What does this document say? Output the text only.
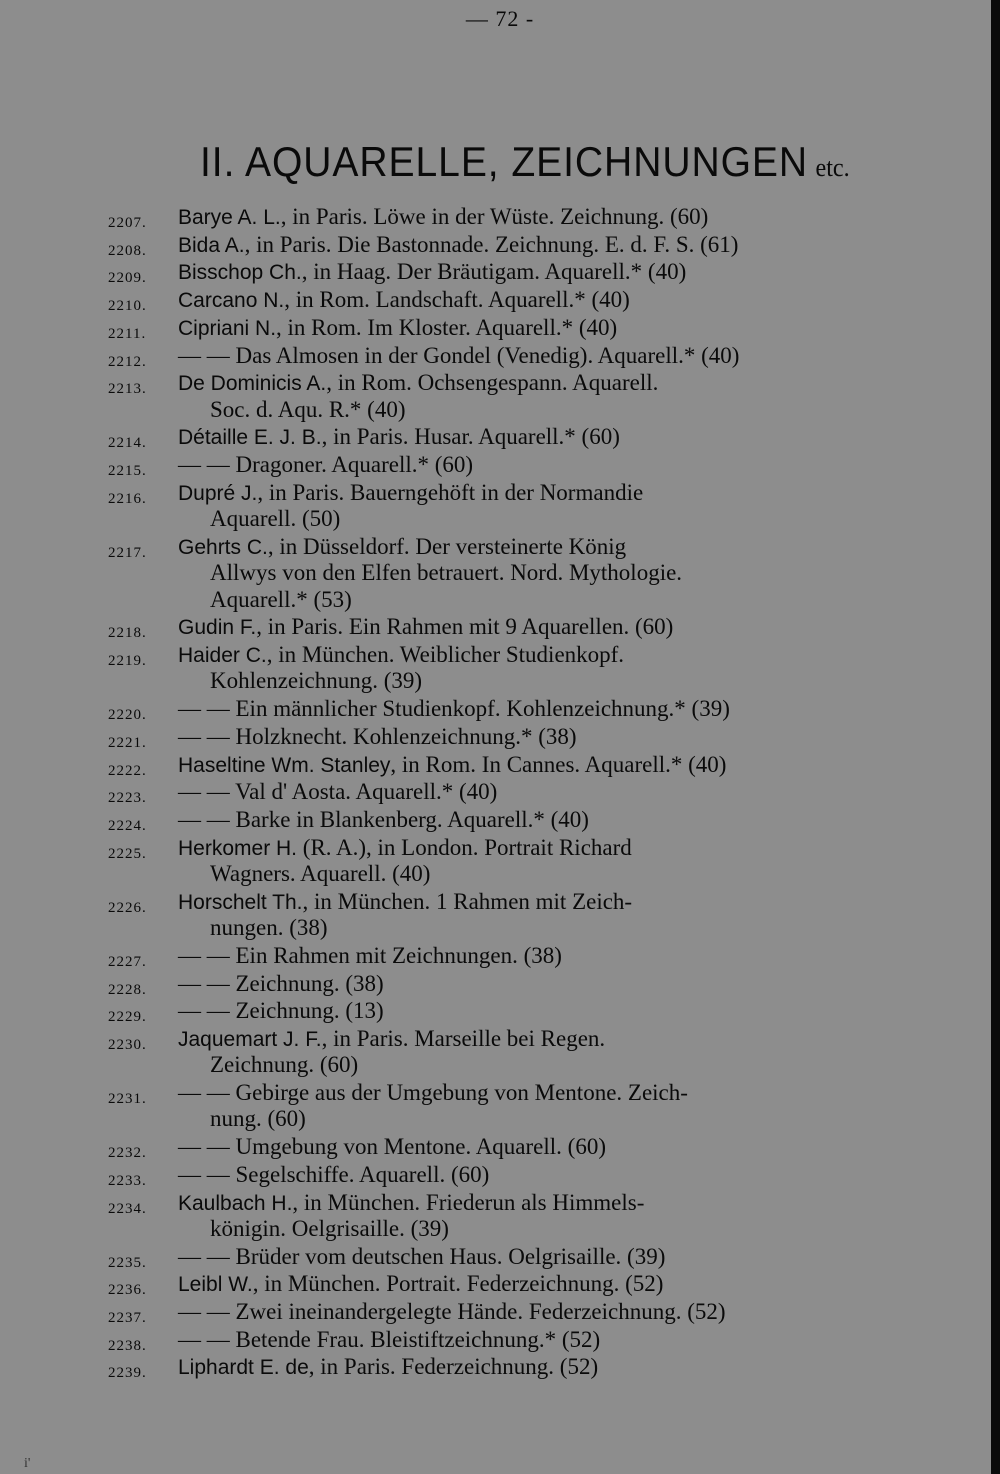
— 72 -
II. AQUARELLE, ZEICHNUNGEN etc.
2207. Barye A. L., in Paris. Löwe in der Wüste. Zeichnung. (60)
2208. Bida A., in Paris. Die Bastonnade. Zeichnung. E. d. F. S. (61)
2209. Bisschop Ch., in Haag. Der Bräutigam. Aquarell.* (40)
2210. Carcano N., in Rom. Landschaft. Aquarell.* (40)
2211. Cipriani N., in Rom. Im Kloster. Aquarell.* (40)
2212. — — Das Almosen in der Gondel (Venedig). Aquarell.* (40)
2213. De Dominicis A., in Rom. Ochsengespann. Aquarell.
Soc. d. Aqu. R.* (40)
2214. Détaille E. J. B., in Paris. Husar. Aquarell.* (60)
2215. — — Dragoner. Aquarell.* (60)
2216. Dupré J., in Paris. Bauerngehöft in der Normandie
Aquarell. (50)
2217. Gehrts C., in Düsseldorf. Der versteinerte König
Allwys von den Elfen betrauert. Nord. Mythologie.
Aquarell.* (53)
2218. Gudin F., in Paris. Ein Rahmen mit 9 Aquarellen. (60)
2219. Haider C., in München. Weiblicher Studienkopf.
Kohlenzeichnung. (39)
2220. — — Ein männlicher Studienkopf. Kohlenzeichnung.* (39)
2221. — — Holzknecht. Kohlenzeichnung.* (38)
2222. Haseltine Wm. Stanley, in Rom. In Cannes. Aquarell.* (40)
2223. — — Val d' Aosta. Aquarell.* (40)
2224. — — Barke in Blankenberg. Aquarell.* (40)
2225. Herkomer H. (R. A.), in London. Portrait Richard
Wagners. Aquarell. (40)
2226. Horschelt Th., in München. 1 Rahmen mit Zeich-
nungen. (38)
2227. — — Ein Rahmen mit Zeichnungen. (38)
2228. — — Zeichnung. (38)
2229. — — Zeichnung. (13)
2230. Jaquemart J. F., in Paris. Marseille bei Regen.
Zeichnung. (60)
2231. — — Gebirge aus der Umgebung von Mentone. Zeich-
nung. (60)
2232. — — Umgebung von Mentone. Aquarell. (60)
2233. — — Segelschiffe. Aquarell. (60)
2234. Kaulbach H., in München. Friederun als Himmels-
königin. Oelgrisaille. (39)
2235. — — Brüder vom deutschen Haus. Oelgrisaille. (39)
2236. Leibl W., in München. Portrait. Federzeichnung. (52)
2237. — — Zwei ineinandergelegte Hände. Federzeichnung. (52)
2238. — — Betende Frau. Bleistiftzeichnung.* (52)
2239. Liphardt E. de, in Paris. Federzeichnung. (52)
i'
